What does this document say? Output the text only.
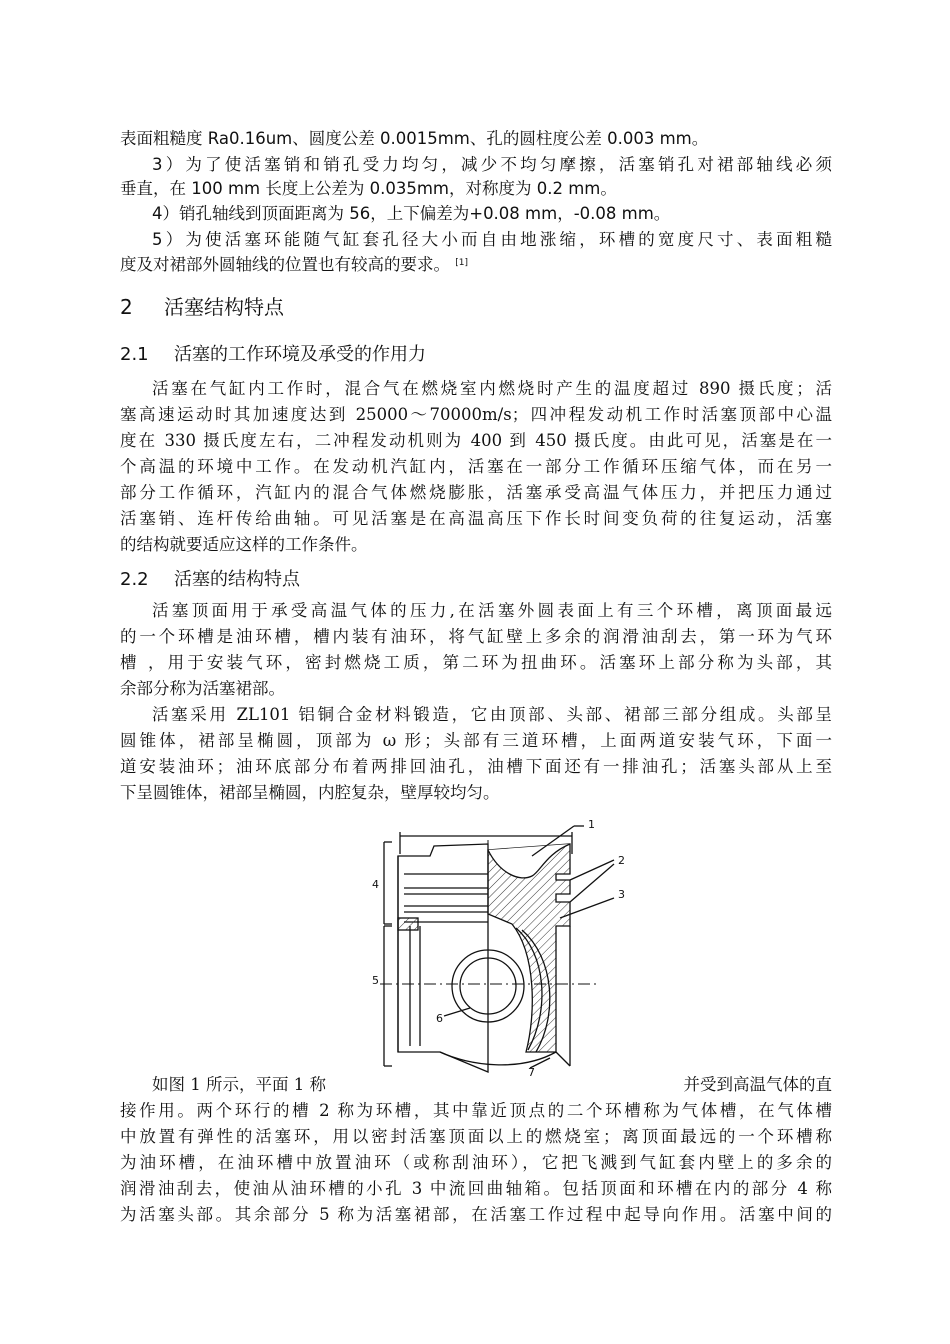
表面粗糙度 Ra0.16um、圆度公差 0.0015mm、孔的圆柱度公差 0.003 mm。
3）为了使活塞销和销孔受力均匀，减少不均匀摩擦，活塞销孔对裙部轴线必须
垂直，在 100 mm 长度上公差为 0.035mm，对称度为 0.2 mm。
4）销孔轴线到顶面距离为 56，上下偏差为+0.08 mm，-0.08 mm。
5）为使活塞环能随气缸套孔径大小而自由地涨缩，环槽的宽度尺寸、表面粗糙
度及对裙部外圆轴线的位置也有较高的要求。 [1]
2 活塞结构特点
2.1 活塞的工作环境及承受的作用力
活塞在气缸内工作时，混合气在燃烧室内燃烧时产生的温度超过 890 摄氏度；活
塞高速运动时其加速度达到 25000～70000m/s；四冲程发动机工作时活塞顶部中心温
度在 330 摄氏度左右，二冲程发动机则为 400 到 450 摄氏度。由此可见，活塞是在一
个高温的环境中工作。在发动机汽缸内，活塞在一部分工作循环压缩气体，而在另一
部分工作循环，汽缸内的混合气体燃烧膨胀，活塞承受高温气体压力，并把压力通过
活塞销、连杆传给曲轴。可见活塞是在高温高压下作长时间变负荷的往复运动，活塞
的结构就要适应这样的工作条件。
2.2 活塞的结构特点
活塞顶面用于承受高温气体的压力,在活塞外圆表面上有三个环槽，离顶面最远
的一个环槽是油环槽，槽内装有油环，将气缸壁上多余的润滑油刮去，第一环为气环
槽 ，用于安装气环，密封燃烧工质，第二环为扭曲环。活塞环上部分称为头部，其
余部分称为活塞裙部。
活塞采用 ZL101 铝铜合金材料锻造，它由顶部、头部、裙部三部分组成。头部呈
圆锥体，裙部呈椭圆，顶部为 ω 形；头部有三道环槽，上面两道安装气环，下面一
道安装油环；油环底部分布着两排回油孔，油槽下面还有一排油孔；活塞头部从上至
下呈圆锥体，裙部呈椭圆，内腔复杂，壁厚较均匀。
1
2
3
4
5
6
7
如图 1 所示，平面 1 称	并受到高温气体的直
接作用。两个环行的槽 2 称为环槽，其中靠近顶点的二个环槽称为气体槽，在气体槽
中放置有弹性的活塞环，用以密封活塞顶面以上的燃烧室；离顶面最远的一个环槽称
为油环槽，在油环槽中放置油环（或称刮油环），它把飞溅到气缸套内壁上的多余的
润滑油刮去，使油从油环槽的小孔 3 中流回曲轴箱。包括顶面和环槽在内的部分 4 称
为活塞头部。其余部分 5 称为活塞裙部，在活塞工作过程中起导向作用。活塞中间的
